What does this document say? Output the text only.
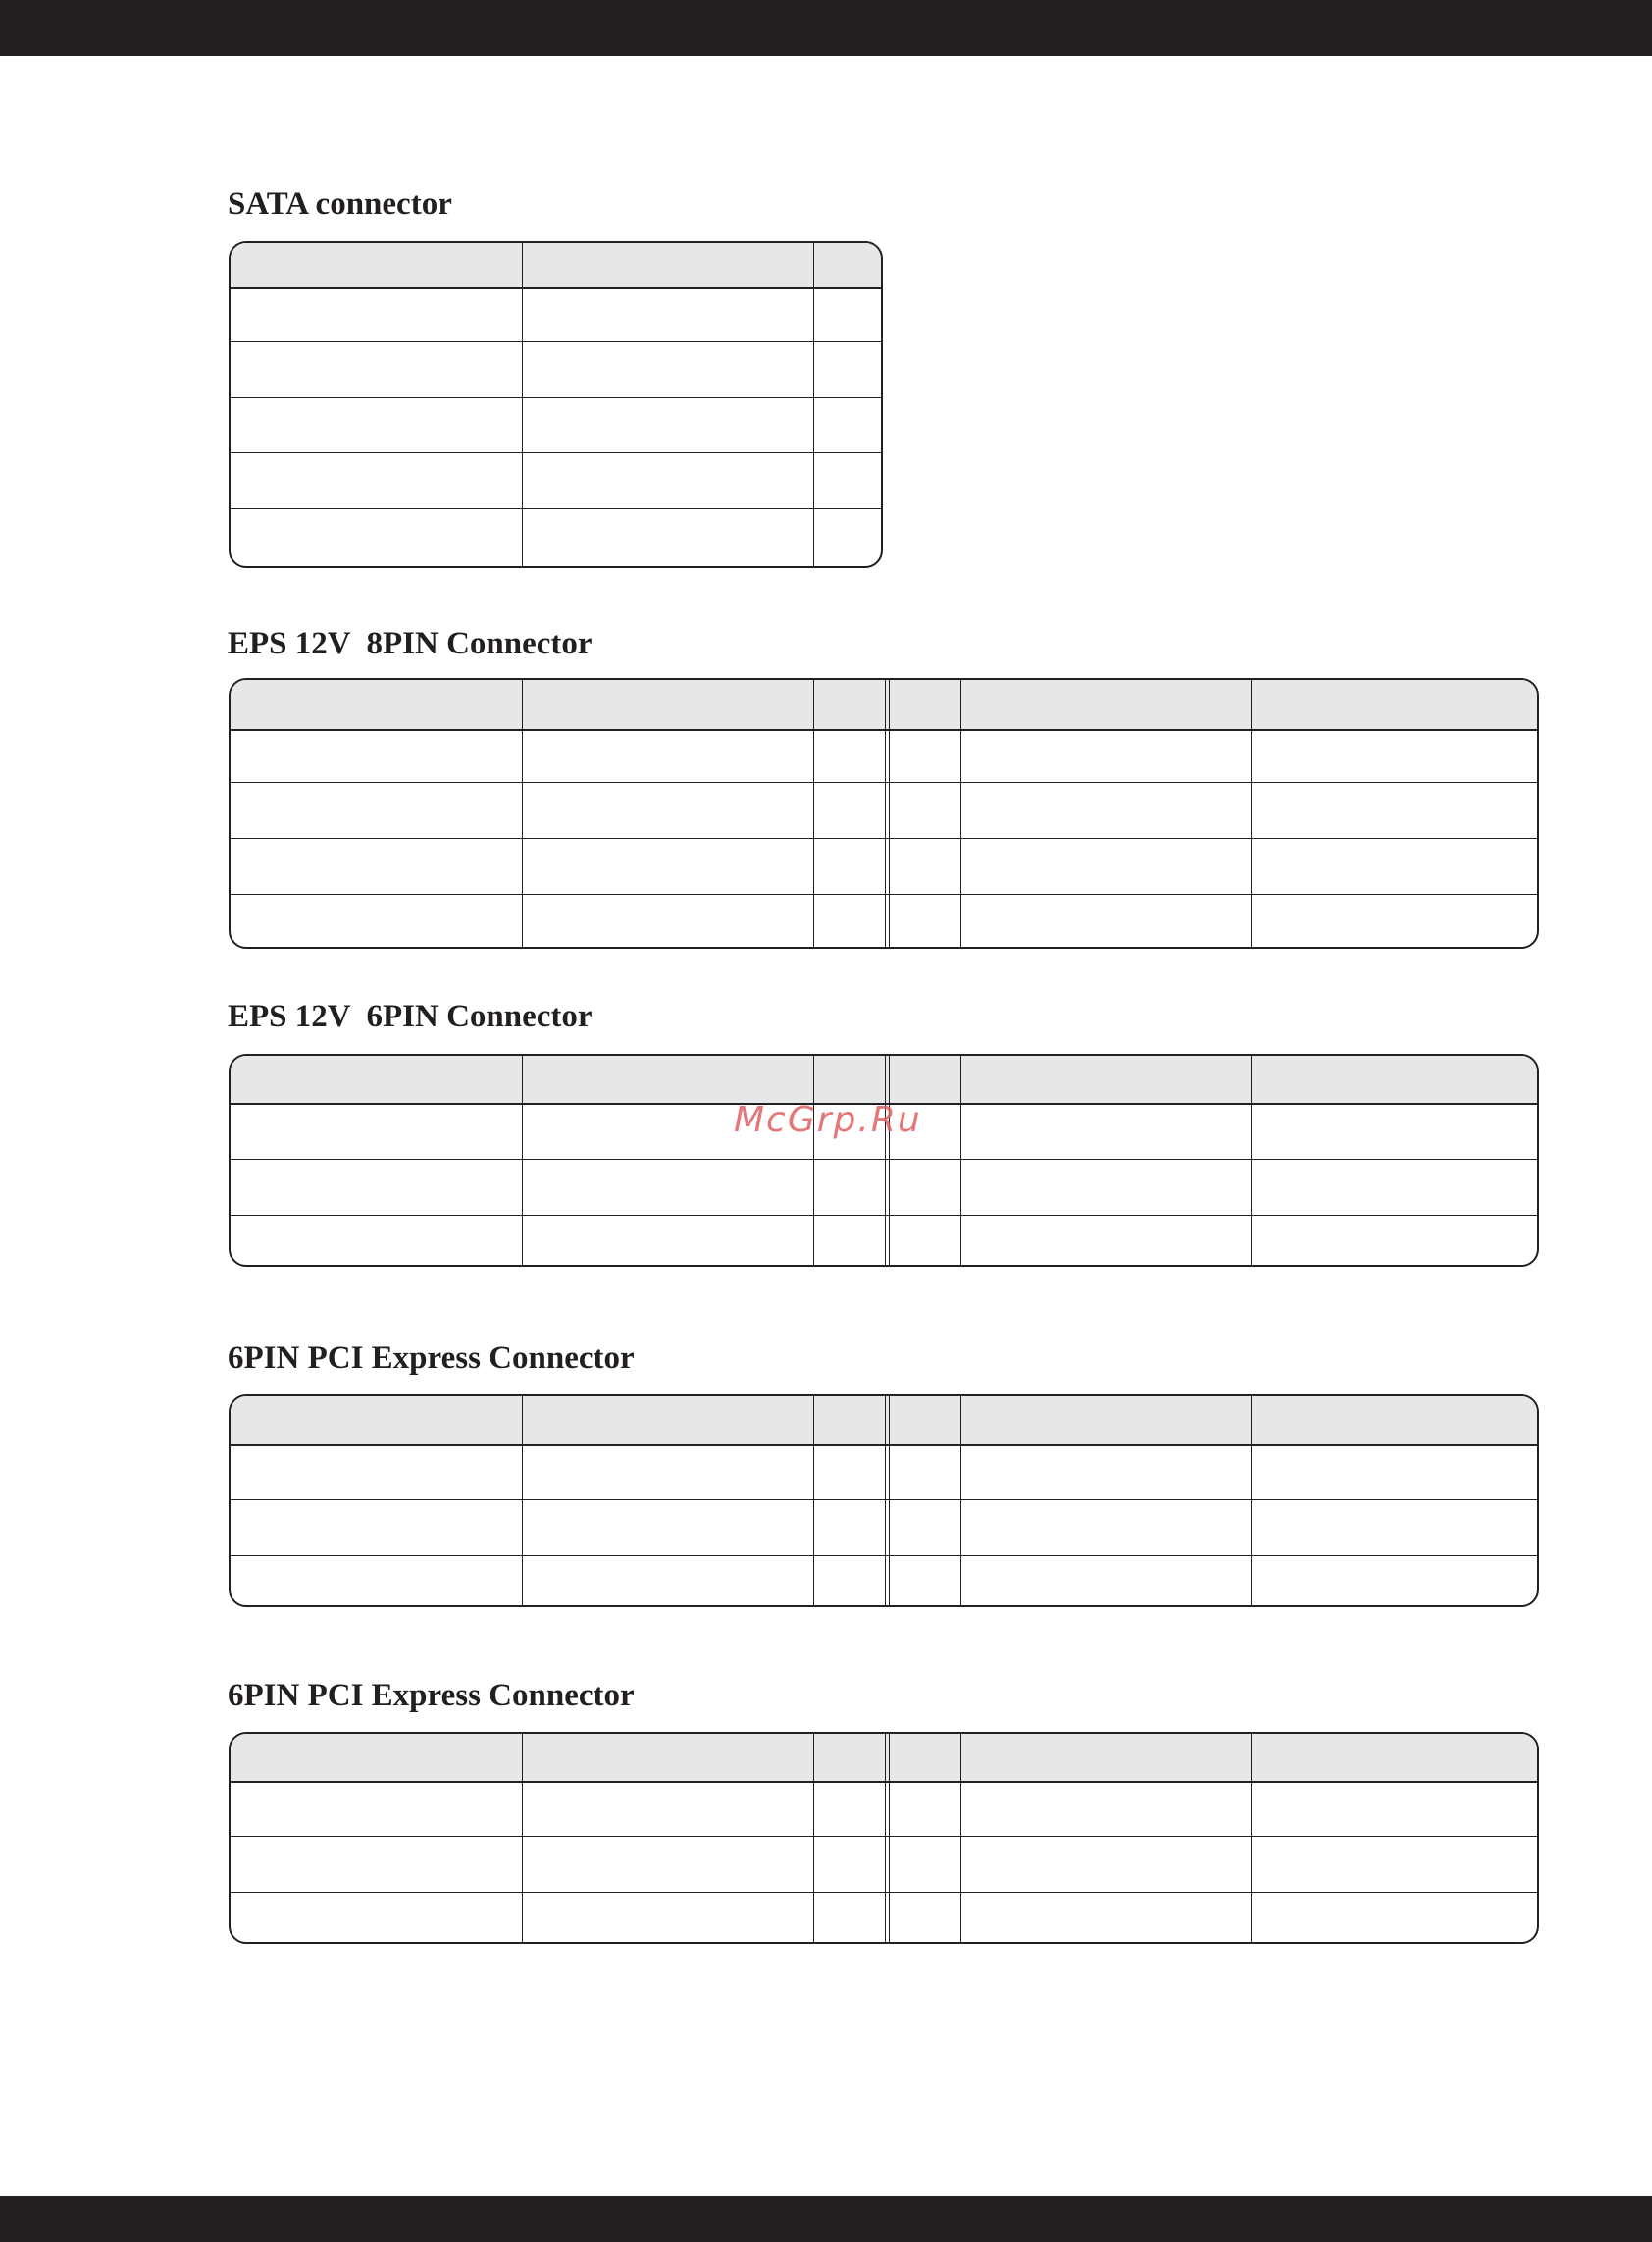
SATA connector
EPS 12V  8PIN Connector
EPS 12V  6PIN Connector
6PIN PCI Express Connector
6PIN PCI Express Connector
McGrp.Ru
